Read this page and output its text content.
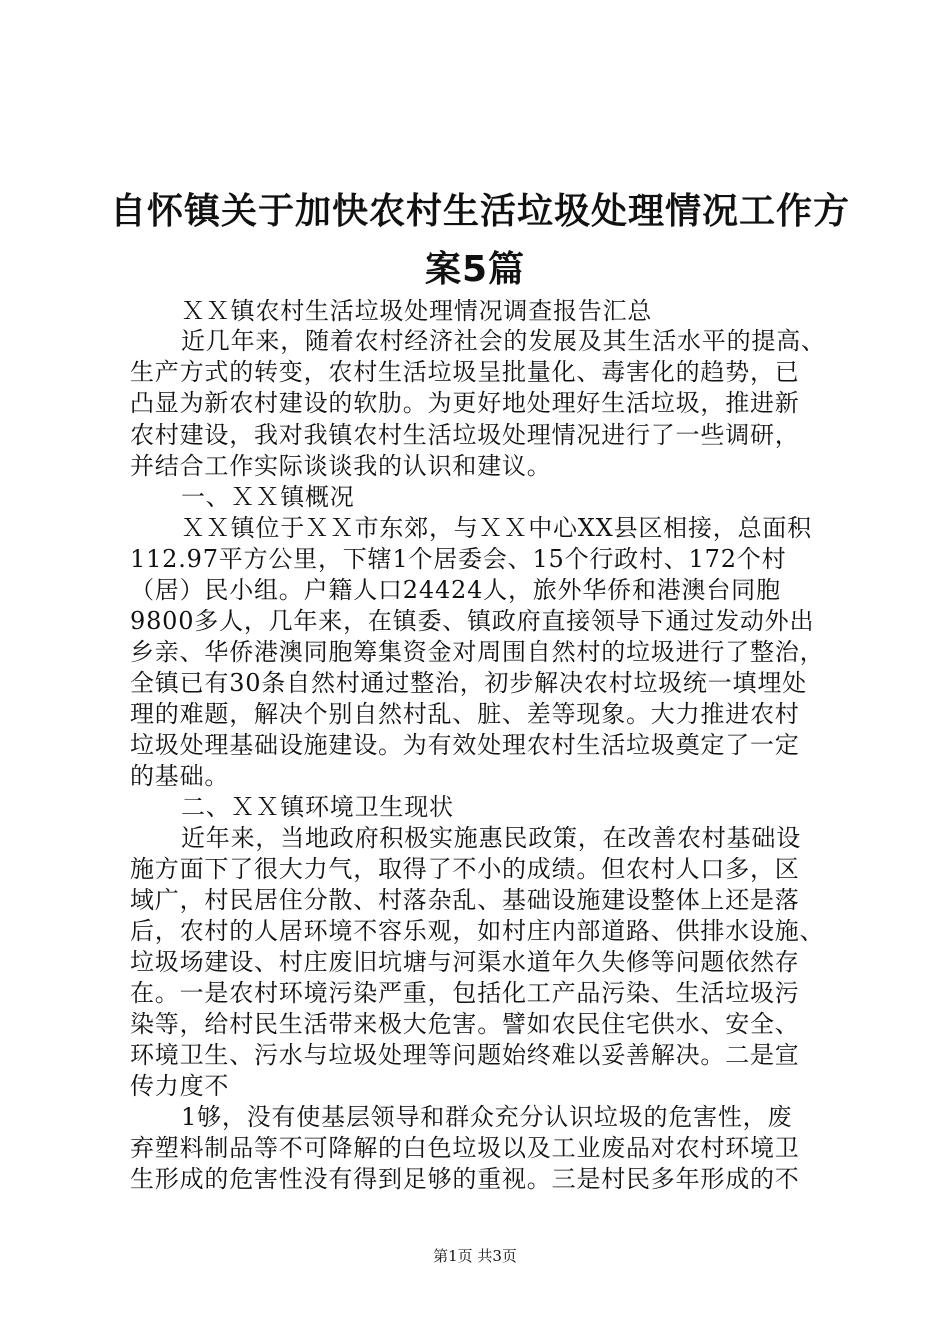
自怀镇关于加快农村生活垃圾处理情况工作方
案5篇
ＸＸ镇农村生活垃圾处理情况调查报告汇总
近几年来，随着农村经济社会的发展及其生活水平的提高、
生产方式的转变，农村生活垃圾呈批量化、毒害化的趋势，已
凸显为新农村建设的软肋。为更好地处理好生活垃圾，推进新
农村建设，我对我镇农村生活垃圾处理情况进行了一些调研，
并结合工作实际谈谈我的认识和建议。
一、ＸＸ镇概况
ＸＸ镇位于ＸＸ市东郊，与ＸＸ中心XX县区相接，总面积
112.97平方公里，下辖1个居委会、15个行政村、172个村
（居）民小组。户籍人口24424人，旅外华侨和港澳台同胞
9800多人，几年来，在镇委、镇政府直接领导下通过发动外出
乡亲、华侨港澳同胞筹集资金对周围自然村的垃圾进行了整治，
全镇已有30条自然村通过整治，初步解决农村垃圾统一填埋处
理的难题，解决个别自然村乱、脏、差等现象。大力推进农村
垃圾处理基础设施建设。为有效处理农村生活垃圾奠定了一定
的基础。
二、ＸＸ镇环境卫生现状
近年来，当地政府积极实施惠民政策，在改善农村基础设
施方面下了很大力气，取得了不小的成绩。但农村人口多，区
域广，村民居住分散、村落杂乱、基础设施建设整体上还是落
后，农村的人居环境不容乐观，如村庄内部道路、供排水设施、
垃圾场建设、村庄废旧坑塘与河渠水道年久失修等问题依然存
在。一是农村环境污染严重，包括化工产品污染、生活垃圾污
染等，给村民生活带来极大危害。譬如农民住宅供水、安全、
环境卫生、污水与垃圾处理等问题始终难以妥善解决。二是宣
传力度不
1够，没有使基层领导和群众充分认识垃圾的危害性，废
弃塑料制品等不可降解的白色垃圾以及工业废品对农村环境卫
生形成的危害性没有得到足够的重视。三是村民多年形成的不
第1页 共3页
